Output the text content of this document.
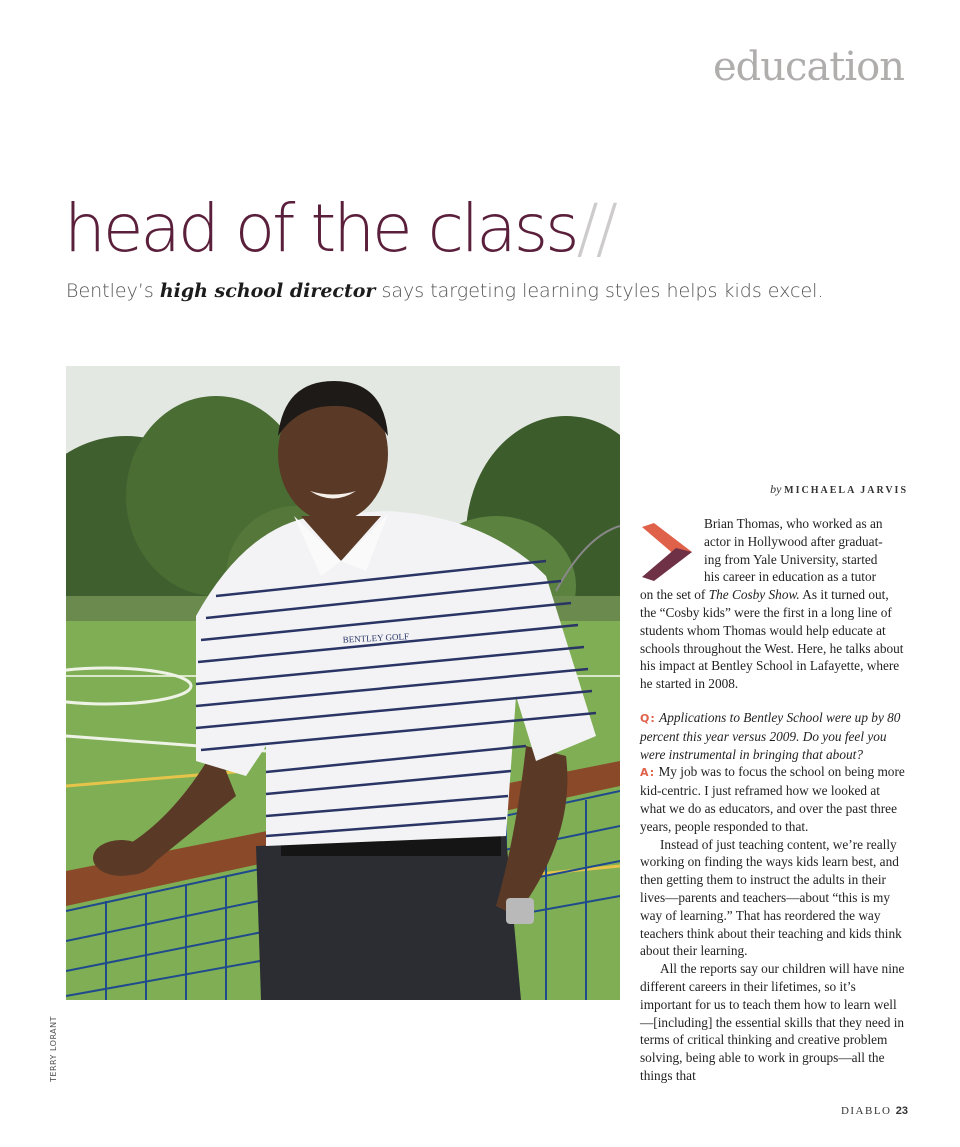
education
head of the class//
Bentley’s high school director says targeting learning styles helps kids excel.
BENTLEY GOLF
TERRY LORANT
by MICHAELA JARVIS
Brian Thomas, who worked as an
actor in Hollywood after graduat-
ing from Yale University, started
his career in education as a tutor

on the set of The Cosby Show. As it turned out, the “Cosby kids” were the first in a long line of students whom Thomas would help educate at schools throughout the West. Here, he talks about his impact at Bentley School in Lafayette, where he started in 2008.

Q: Applications to Bentley School were up by 80 percent this year versus 2009. Do you feel you were instrumental in bringing that about?

A: My job was to focus the school on being more kid-centric. I just reframed how we looked at what we do as educators, and over the past three years, people responded to that.

Instead of just teaching content, we’re really working on finding the ways kids learn best, and then getting them to instruct the adults in their lives—parents and teachers—about “this is my way of learning.” That has reordered the way teachers think about their teaching and kids think about their learning.

All the reports say our children will have nine different careers in their lifetimes, so it’s important for us to teach them how to learn well—[including] the essential skills that they need in terms of critical thinking and creative problem solving, being able to work in groups—all the things that

DIABLO 23
